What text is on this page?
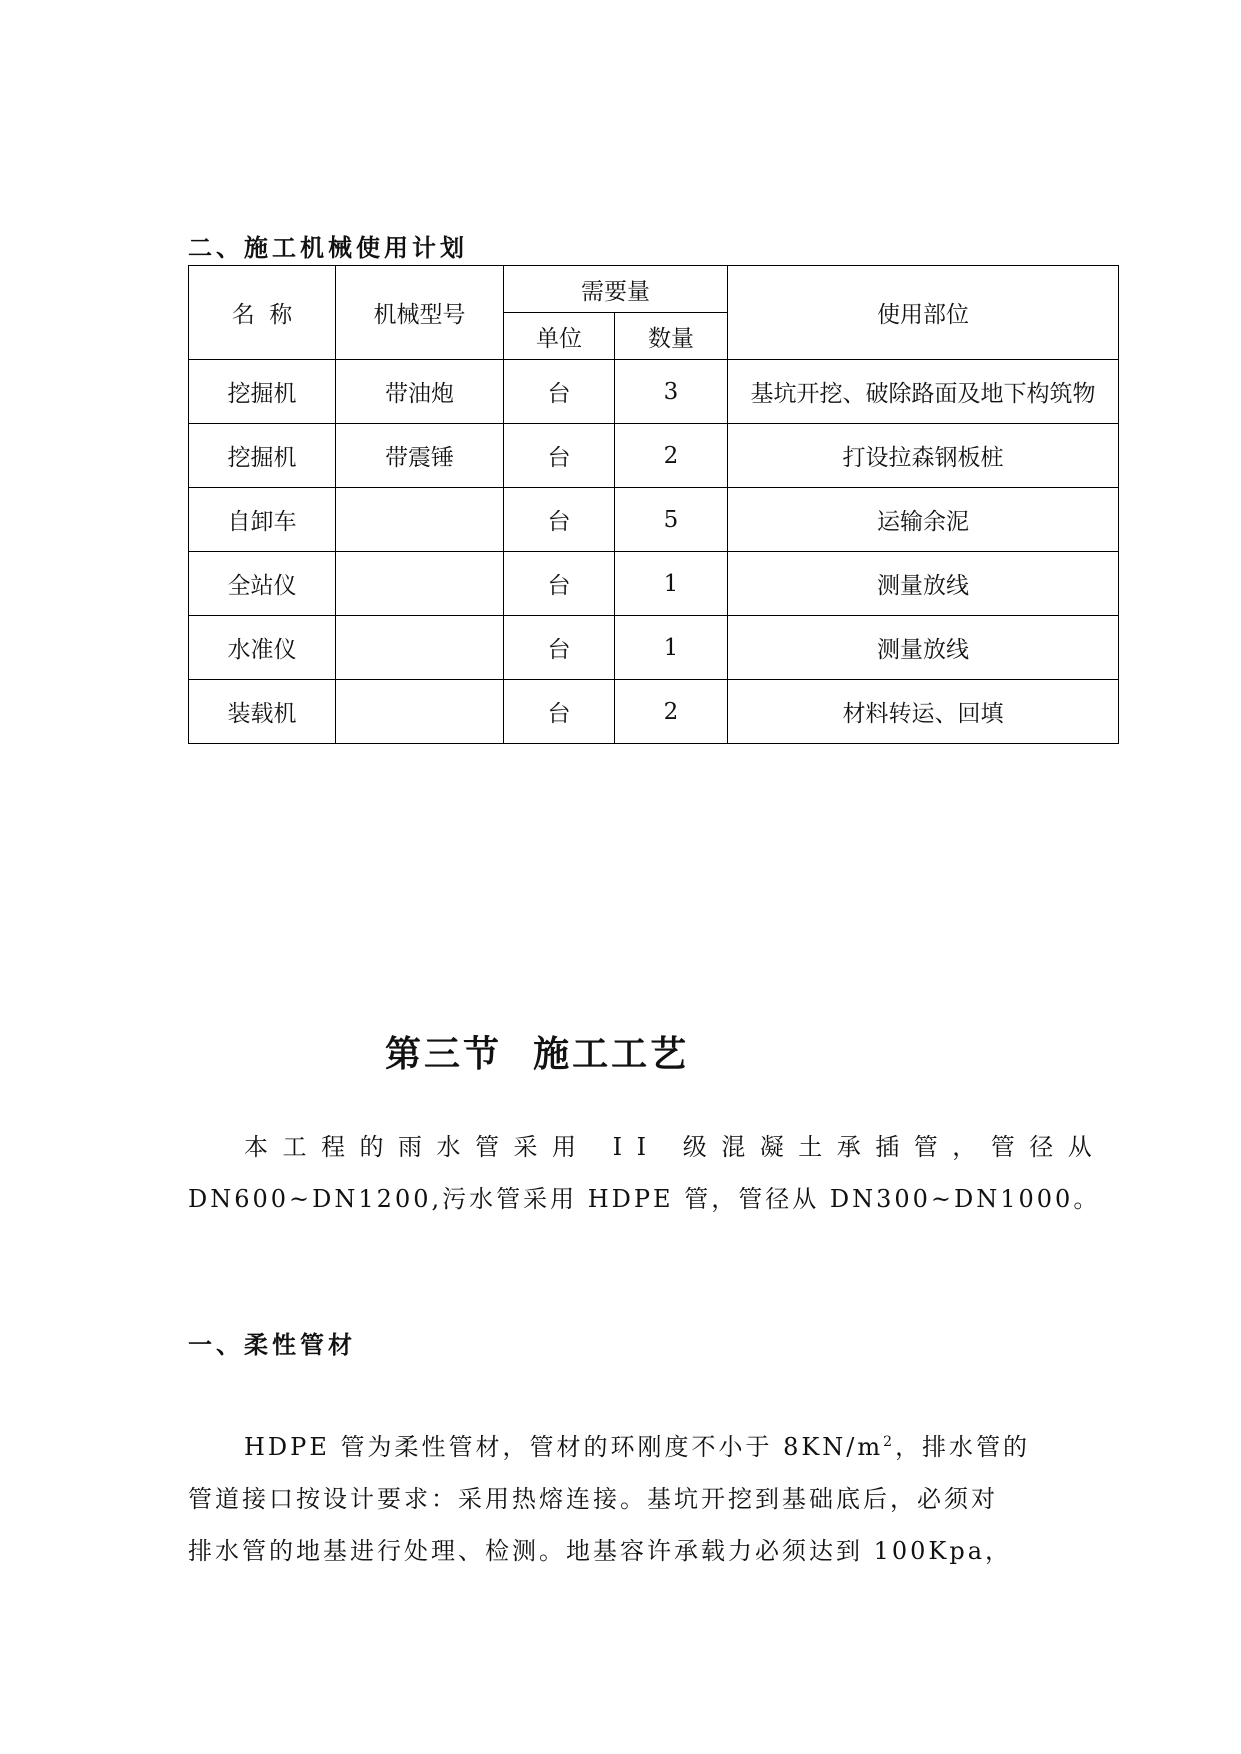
二、施工机械使用计划
名  称	机械型号	需要量		使用部位
		单位	数量	
挖掘机	带油炮	台	3	基坑开挖、破除路面及地下构筑物
挖掘机	带震锤	台	2	打设拉森钢板桩
自卸车		台	5	运输余泥
全站仪		台	1	测量放线
水准仪		台	1	测量放线
装载机		台	2	材料转运、回填
第三节  施工工艺
本工程的雨水管采用 II 级混凝土承插管，管径从
DN600~DN1200,污水管采用 HDPE 管，管径从 DN300~DN1000。
一、柔性管材
HDPE 管为柔性管材，管材的环刚度不小于 $8KN/m^2$，排水管的
管道接口按设计要求：采用热熔连接。基坑开挖到基础底后，必须对
排水管的地基进行处理、检测。地基容许承载力必须达到 100Kpa，
